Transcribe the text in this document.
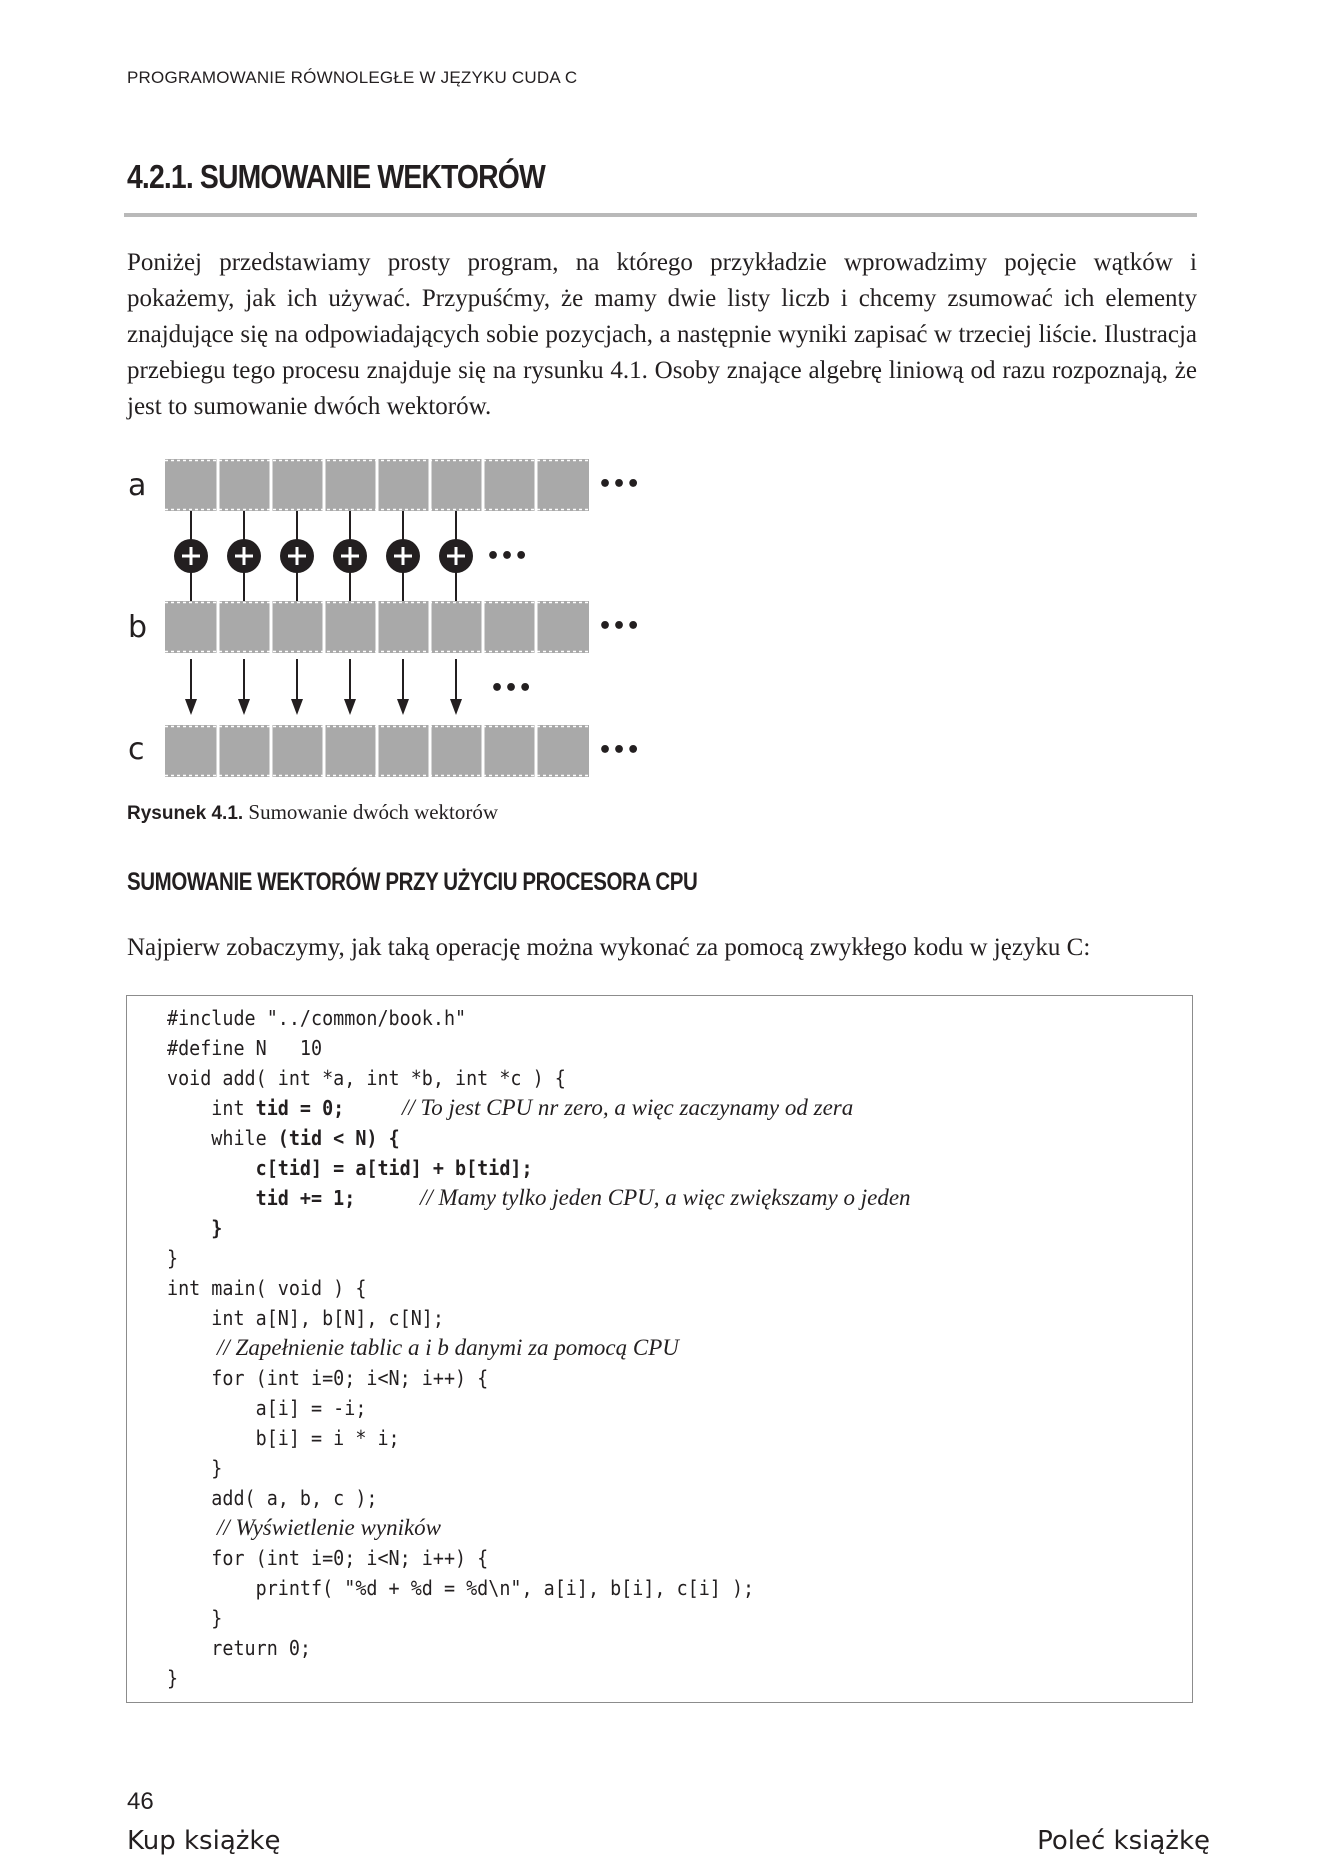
PROGRAMOWANIE RÓWNOLEGŁE W JĘZYKU CUDA C
4.2.1. SUMOWANIE WEKTORÓW

Poniżej przedstawiamy prosty program, na którego przykładzie wprowadzimy pojęcie wątków i pokażemy, jak ich używać. Przypuśćmy, że mamy dwie listy liczb i chcemy zsumować ich elementy znajdujące się na odpowiadających sobie pozycjach, a następnie wyniki zapisać w trzeciej liście. Ilustracja przebiegu tego procesu znajduje się na rysunku 4.1. Osoby znające algebrę liniową od razu rozpoznają, że jest to sumowanie dwóch wektorów.

a
b
c
•••
•••
•••
•••
•••
Rysunek 4.1. Sumowanie dwóch wektorów
SUMOWANIE WEKTORÓW PRZY UŻYCIU PROCESORA CPU

Najpierw zobaczymy, jak taką operację można wykonać za pomocą zwykłego kodu w języku C:

#include "../common/book.h"
#define N   10
void add( int *a, int *b, int *c ) {
int tid = 0;	// To jest CPU nr zero, a więc zaczynamy od zera
while (tid < N) {
c[tid] = a[tid] + b[tid];
tid += 1;	// Mamy tylko jeden CPU, a więc zwiększamy o jeden
}
}
int main( void ) {
int a[N], b[N], c[N];
// Zapełnienie tablic a i b danymi za pomocą CPU
for (int i=0; i<N; i++) {
a[i] = -i;
b[i] = i * i;
}
add( a, b, c );
// Wyświetlenie wyników
for (int i=0; i<N; i++) {
printf( "%d + %d = %d\n", a[i], b[i], c[i] );
}
return 0;
}
46
Kup książkę	Poleć książkę
